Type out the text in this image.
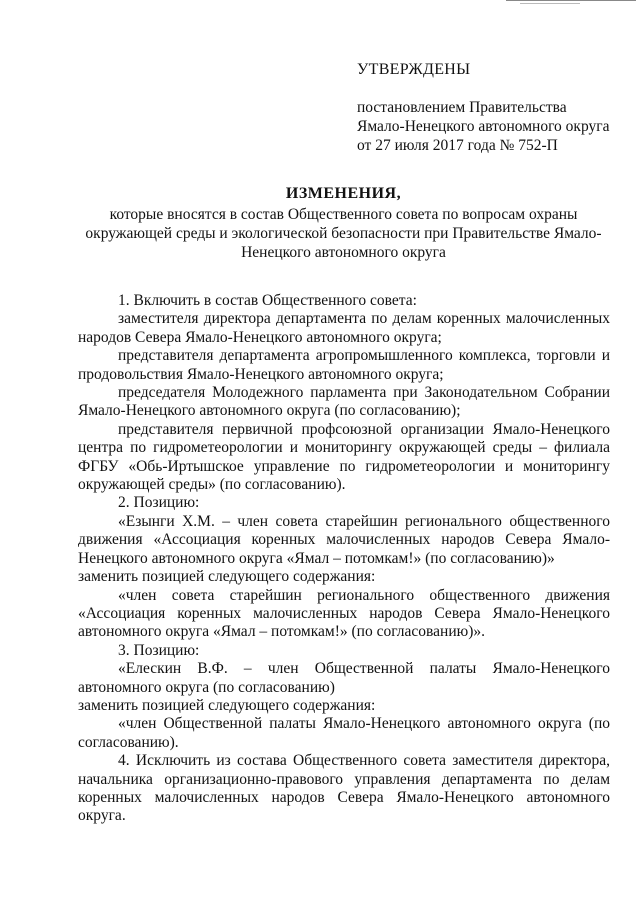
УТВЕРЖДЕНЫ
постановлением Правительства
Ямало-Ненецкого автономного округа
от 27 июля 2017 года № 752-П
ИЗМЕНЕНИЯ,
которые вносятся в состав Общественного совета по вопросам охраны окружающей среды и экологической безопасности при Правительстве Ямало-Ненецкого автономного округа

1. Включить в состав Общественного совета:

заместителя директора департамента по делам коренных малочисленных народов Севера Ямало-Ненецкого автономного округа;

представителя департамента агропромышленного комплекса, торговли и продовольствия Ямало-Ненецкого автономного округа;

председателя Молодежного парламента при Законодательном Собрании Ямало-Ненецкого автономного округа (по согласованию);

представителя первичной профсоюзной организации Ямало-Ненецкого центра по гидрометеорологии и мониторингу окружающей среды – филиала ФГБУ «Обь-Иртышское управление по гидрометеорологии и мониторингу окружающей среды» (по согласованию).

2. Позицию:

«Езынги Х.М. – член совета старейшин регионального общественного движения «Ассоциация коренных малочисленных народов Севера Ямало-Ненецкого автономного округа «Ямал – потомкам!» (по согласованию)»

заменить позицией следующего содержания:

«член совета старейшин регионального общественного движения «Ассоциация коренных малочисленных народов Севера Ямало-Ненецкого автономного округа «Ямал – потомкам!» (по согласованию)».

3. Позицию:

«Елескин В.Ф. – член Общественной палаты Ямало-Ненецкого автономного округа (по согласованию)

заменить позицией следующего содержания:

«член Общественной палаты Ямало-Ненецкого автономного округа (по согласованию).

4. Исключить из состава Общественного совета заместителя директора, начальника организационно-правового управления департамента по делам коренных малочисленных народов Севера Ямало-Ненецкого автономного округа.
